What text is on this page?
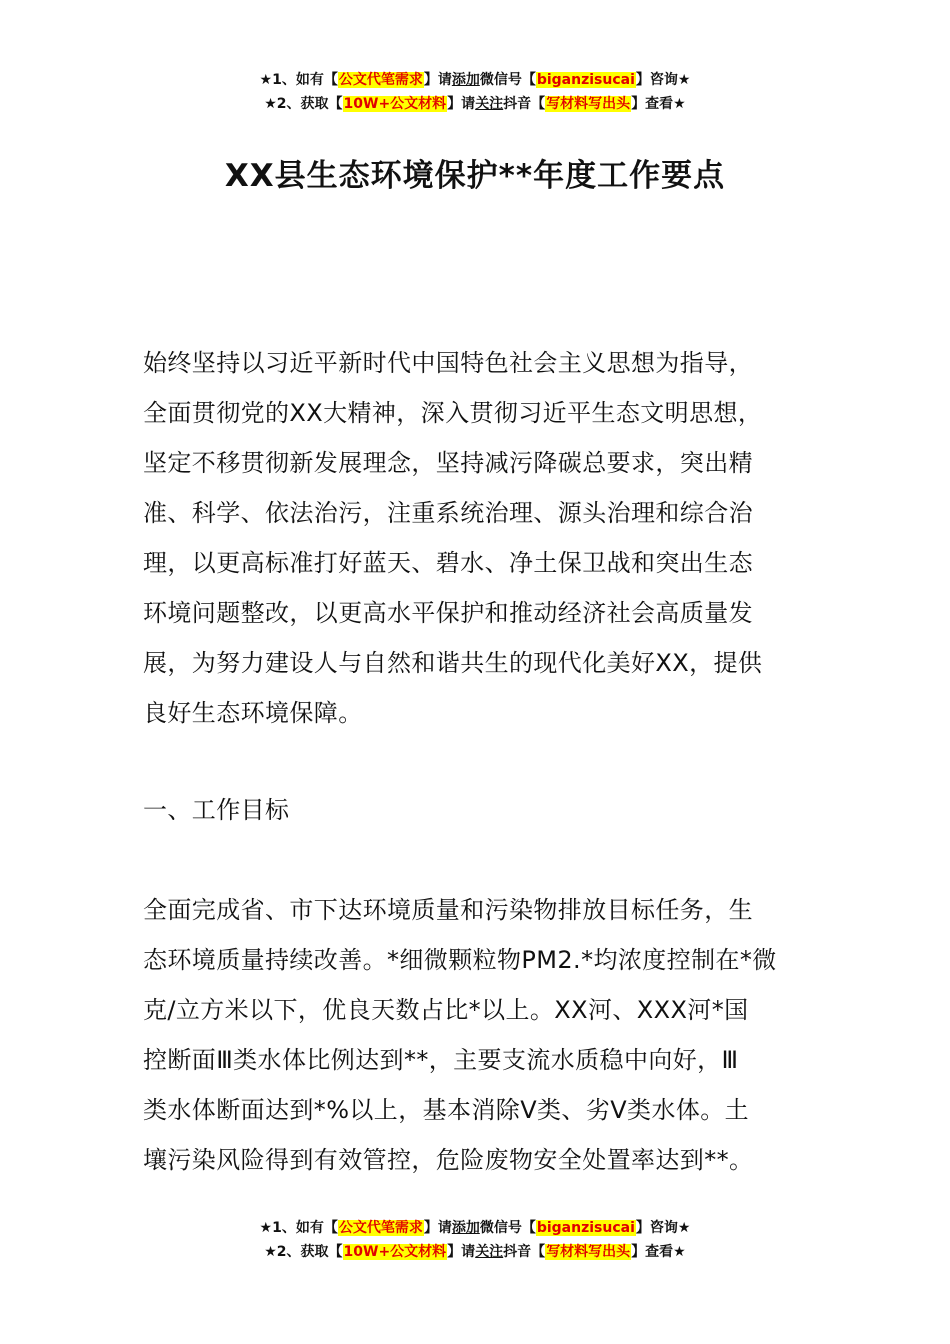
★1、如有【公文代笔需求】请添加微信号【biganzisucai】咨询★
★2、获取【10W+公文材料】请关注抖音【写材料写出头】查看★
XX县生态环境保护**年度工作要点
始终坚持以习近平新时代中国特色社会主义思想为指导，
全面贯彻党的XX大精神，深入贯彻习近平生态文明思想，
坚定不移贯彻新发展理念，坚持减污降碳总要求，突出精
准、科学、依法治污，注重系统治理、源头治理和综合治
理，以更高标准打好蓝天、碧水、净土保卫战和突出生态
环境问题整改，以更高水平保护和推动经济社会高质量发
展，为努力建设人与自然和谐共生的现代化美好XX，提供
良好生态环境保障。
一、工作目标
全面完成省、市下达环境质量和污染物排放目标任务，生
态环境质量持续改善。*细微颗粒物PM2.*均浓度控制在*微
克/立方米以下，优良天数占比*以上。XX河、XXX河*国
控断面Ⅲ类水体比例达到**，主要支流水质稳中向好，Ⅲ
类水体断面达到*%以上，基本消除Ⅴ类、劣Ⅴ类水体。土
壤污染风险得到有效管控，危险废物安全处置率达到**。
★1、如有【公文代笔需求】请添加微信号【biganzisucai】咨询★
★2、获取【10W+公文材料】请关注抖音【写材料写出头】查看★
